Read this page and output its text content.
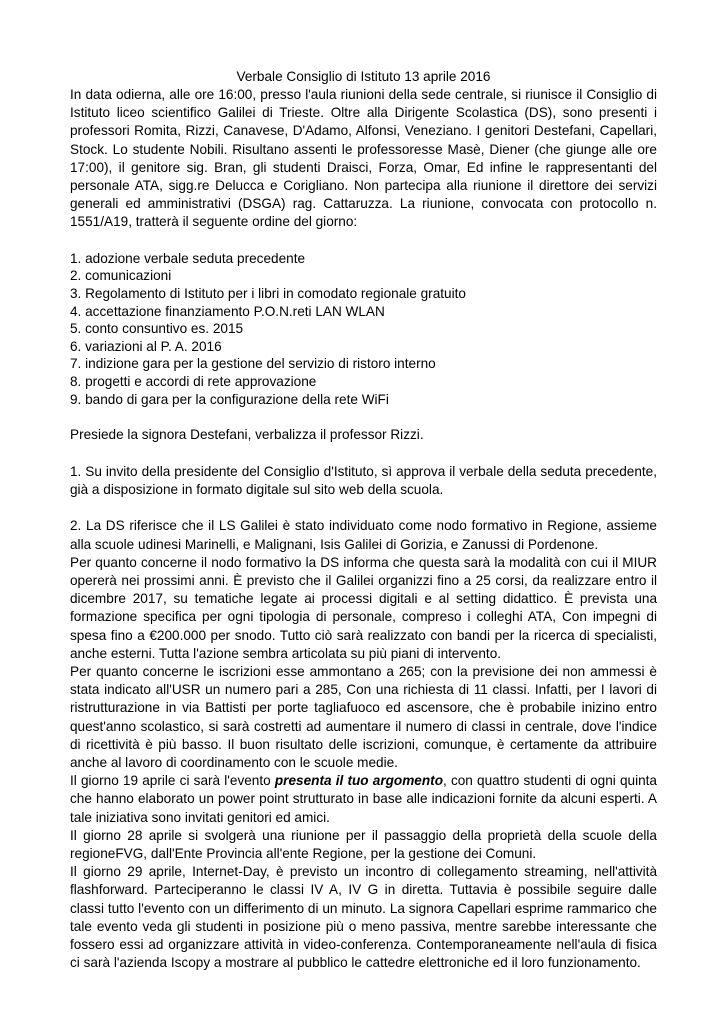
Verbale Consiglio di Istituto 13 aprile 2016

In data odierna, alle ore 16:00, presso l'aula riunioni della sede centrale, si riunisce il Consiglio di Istituto liceo scientifico Galilei di Trieste. Oltre alla Dirigente Scolastica (DS), sono presenti i professori Romita, Rizzi, Canavese, D'Adamo, Alfonsi, Veneziano. I genitori Destefani, Capellari, Stock. Lo studente Nobili. Risultano assenti le professoresse Masè, Diener (che giunge alle ore 17:00), il genitore sig. Bran, gli studenti Draisci, Forza, Omar, Ed infine le rappresentanti del personale ATA, sigg.re Delucca e Corigliano. Non partecipa alla riunione il direttore dei servizi generali ed amministrativi (DSGA) rag. Cattaruzza. La riunione, convocata con protocollo n. 1551/A19, tratterà il seguente ordine del giorno:

1. adozione verbale seduta precedente
2. comunicazioni
3. Regolamento di Istituto per i libri in comodato regionale gratuito
4. accettazione finanziamento P.O.N.reti LAN WLAN
5. conto consuntivo es. 2015
6. variazioni al P. A. 2016
7. indizione gara per la gestione del servizio di ristoro interno
8. progetti e accordi di rete approvazione
9. bando di gara per la configurazione della rete WiFi

Presiede la signora Destefani, verbalizza il professor Rizzi.

1. Su invito della presidente del Consiglio d'Istituto, sì approva il verbale della seduta precedente, già a disposizione in formato digitale sul sito web della scuola.

2. La DS riferisce che il LS Galilei è stato individuato come nodo formativo in Regione, assieme alla scuole udinesi Marinelli, e Malignani, Isis Galilei di Gorizia, e Zanussi di Pordenone.

Per quanto concerne il nodo formativo la DS informa che questa sarà la modalità con cui il MIUR opererà nei prossimi anni. È previsto che il Galilei organizzi fino a 25 corsi, da realizzare entro il dicembre 2017, su tematiche legate ai processi digitali e al setting didattico. È prevista una formazione specifica per ogni tipologia di personale, compreso i colleghi ATA, Con impegni di spesa fino a €200.000 per snodo. Tutto ciò sarà realizzato con bandi per la ricerca di specialisti, anche esterni. Tutta l'azione sembra articolata su più piani di intervento.

Per quanto concerne le iscrizioni esse ammontano a 265; con la previsione dei non ammessi è stata indicato all'USR un numero pari a 285, Con una richiesta di 11 classi. Infatti, per I lavori di ristrutturazione in via Battisti per porte tagliafuoco ed ascensore, che è probabile inizino entro quest'anno scolastico, si sarà costretti ad aumentare il numero di classi in centrale, dove l'indice di ricettività è più basso. Il buon risultato delle iscrizioni, comunque, è certamente da attribuire anche al lavoro di coordinamento con le scuole medie.

Il giorno 19 aprile ci sarà l'evento presenta il tuo argomento, con quattro studenti di ogni quinta che hanno elaborato un power point strutturato in base alle indicazioni fornite da alcuni esperti. A tale iniziativa sono invitati genitori ed amici.

Il giorno 28 aprile si svolgerà una riunione per il passaggio della proprietà della scuole della regioneFVG, dall'Ente Provincia all'ente Regione, per la gestione dei Comuni.

Il giorno 29 aprile, Internet-Day, è previsto un incontro di collegamento streaming, nell'attività flashforward. Parteciperanno le classi IV A, IV G in diretta. Tuttavia è possibile seguire dalle classi tutto l'evento con un differimento di un minuto. La signora Capellari esprime rammarico che tale evento veda gli studenti in posizione più o meno passiva, mentre sarebbe interessante che fossero essi ad organizzare attività in video-conferenza. Contemporaneamente nell'aula di fisica ci sarà l'azienda Iscopy a mostrare al pubblico le cattedre elettroniche ed il loro funzionamento.
